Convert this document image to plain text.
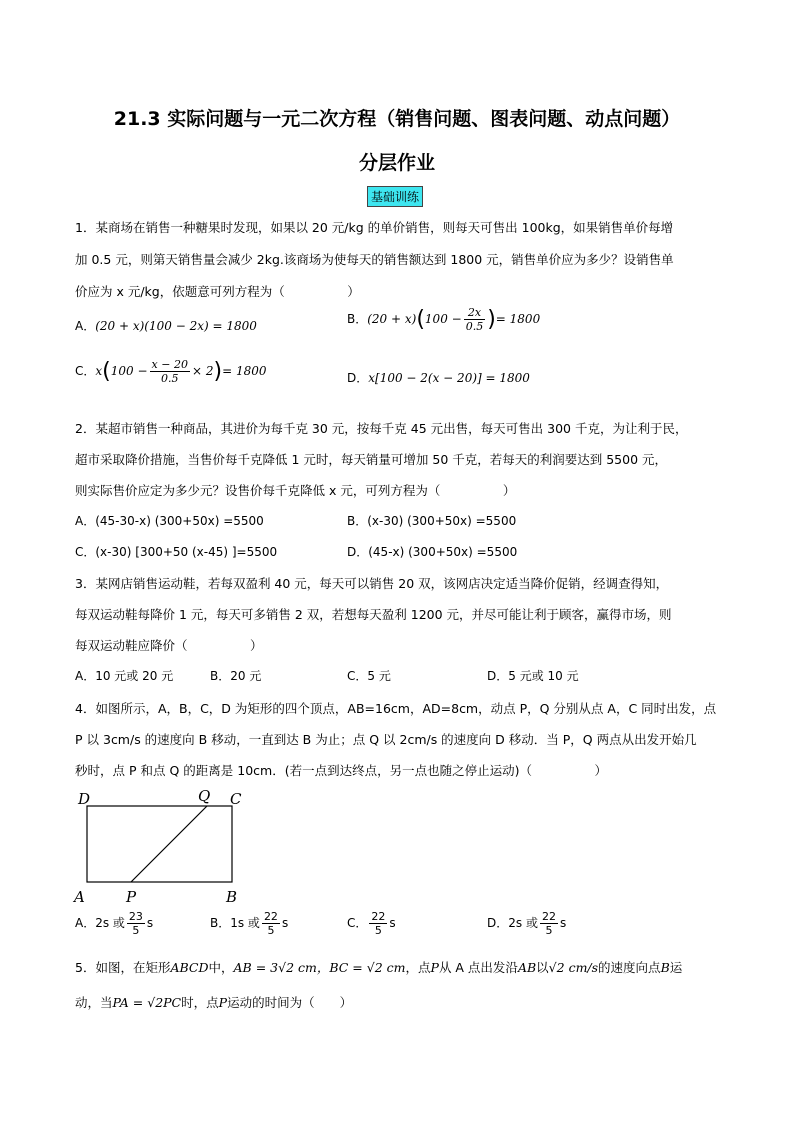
21.3 实际问题与一元二次方程（销售问题、图表问题、动点问题）
分层作业
基础训练
1．某商场在销售一种糖果时发现，如果以 20 元/kg 的单价销售，则每天可售出 100kg，如果销售单价每增
加 0.5 元，则第天销售量会减少 2kg.该商场为使每天的销售额达到 1800 元，销售单价应为多少？设销售单
价应为 x 元/kg，依题意可列方程为（　　　　　）
A．(20 + x)(100 − 2x) = 1800	B．$(20 + x)(100 - \frac{2x}{0.5}$ )= 1800
C．$x(100 - \frac{x - 20}{0.5} \times 2)= 1800$	D．x[100 − 2(x − 20)] = 1800
2．某超市销售一种商品，其进价为每千克 30 元，按每千克 45 元出售，每天可售出 300 千克，为让利于民，
超市采取降价措施，当售价每千克降低 1 元时，每天销量可增加 50 千克，若每天的利润要达到 5500 元，
则实际售价应定为多少元？设售价每千克降低 x 元，可列方程为（　　　　　）
A．(45-30-x) (300+50x) =5500	B．(x-30) (300+50x) =5500
C．(x-30) [300+50 (x-45) ]=5500	D．(45-x) (300+50x) =5500
3．某网店销售运动鞋，若每双盈利 40 元，每天可以销售 20 双，该网店决定适当降价促销，经调查得知，
每双运动鞋每降价 1 元，每天可多销售 2 双，若想每天盈利 1200 元，并尽可能让利于顾客，赢得市场，则
每双运动鞋应降价（　　　　　）
A．10 元或 20 元	B．20 元	C．5 元	D．5 元或 10 元
4．如图所示，A，B，C，D 为矩形的四个顶点，AB=16cm，AD=8cm，动点 P，Q 分别从点 A，C 同时出发，点
P 以 3cm/s 的速度向 B 移动，一直到达 B 为止；点 Q 以 2cm/s 的速度向 D 移动．当 P，Q 两点从出发开始几
秒时，点 P 和点 Q 的距离是 10cm．(若一点到达终点，另一点也随之停止运动)（　　　　　）
D	Q C
A	P	B
A．2s 或 $\frac{23}{5}$ s	B．1s 或 $\frac{22}{5}$ s	C． $\frac{22}{5}$ s	D．2s 或 $\frac{22}{5}$ s
5．如图，在矩形ABCD中，AB = 3√2 cm，BC = √2 cm，点P从 A 点出发沿AB以√2 cm/s的速度向点B运
动，当PA = √2PC时，点P运动的时间为（　　）
